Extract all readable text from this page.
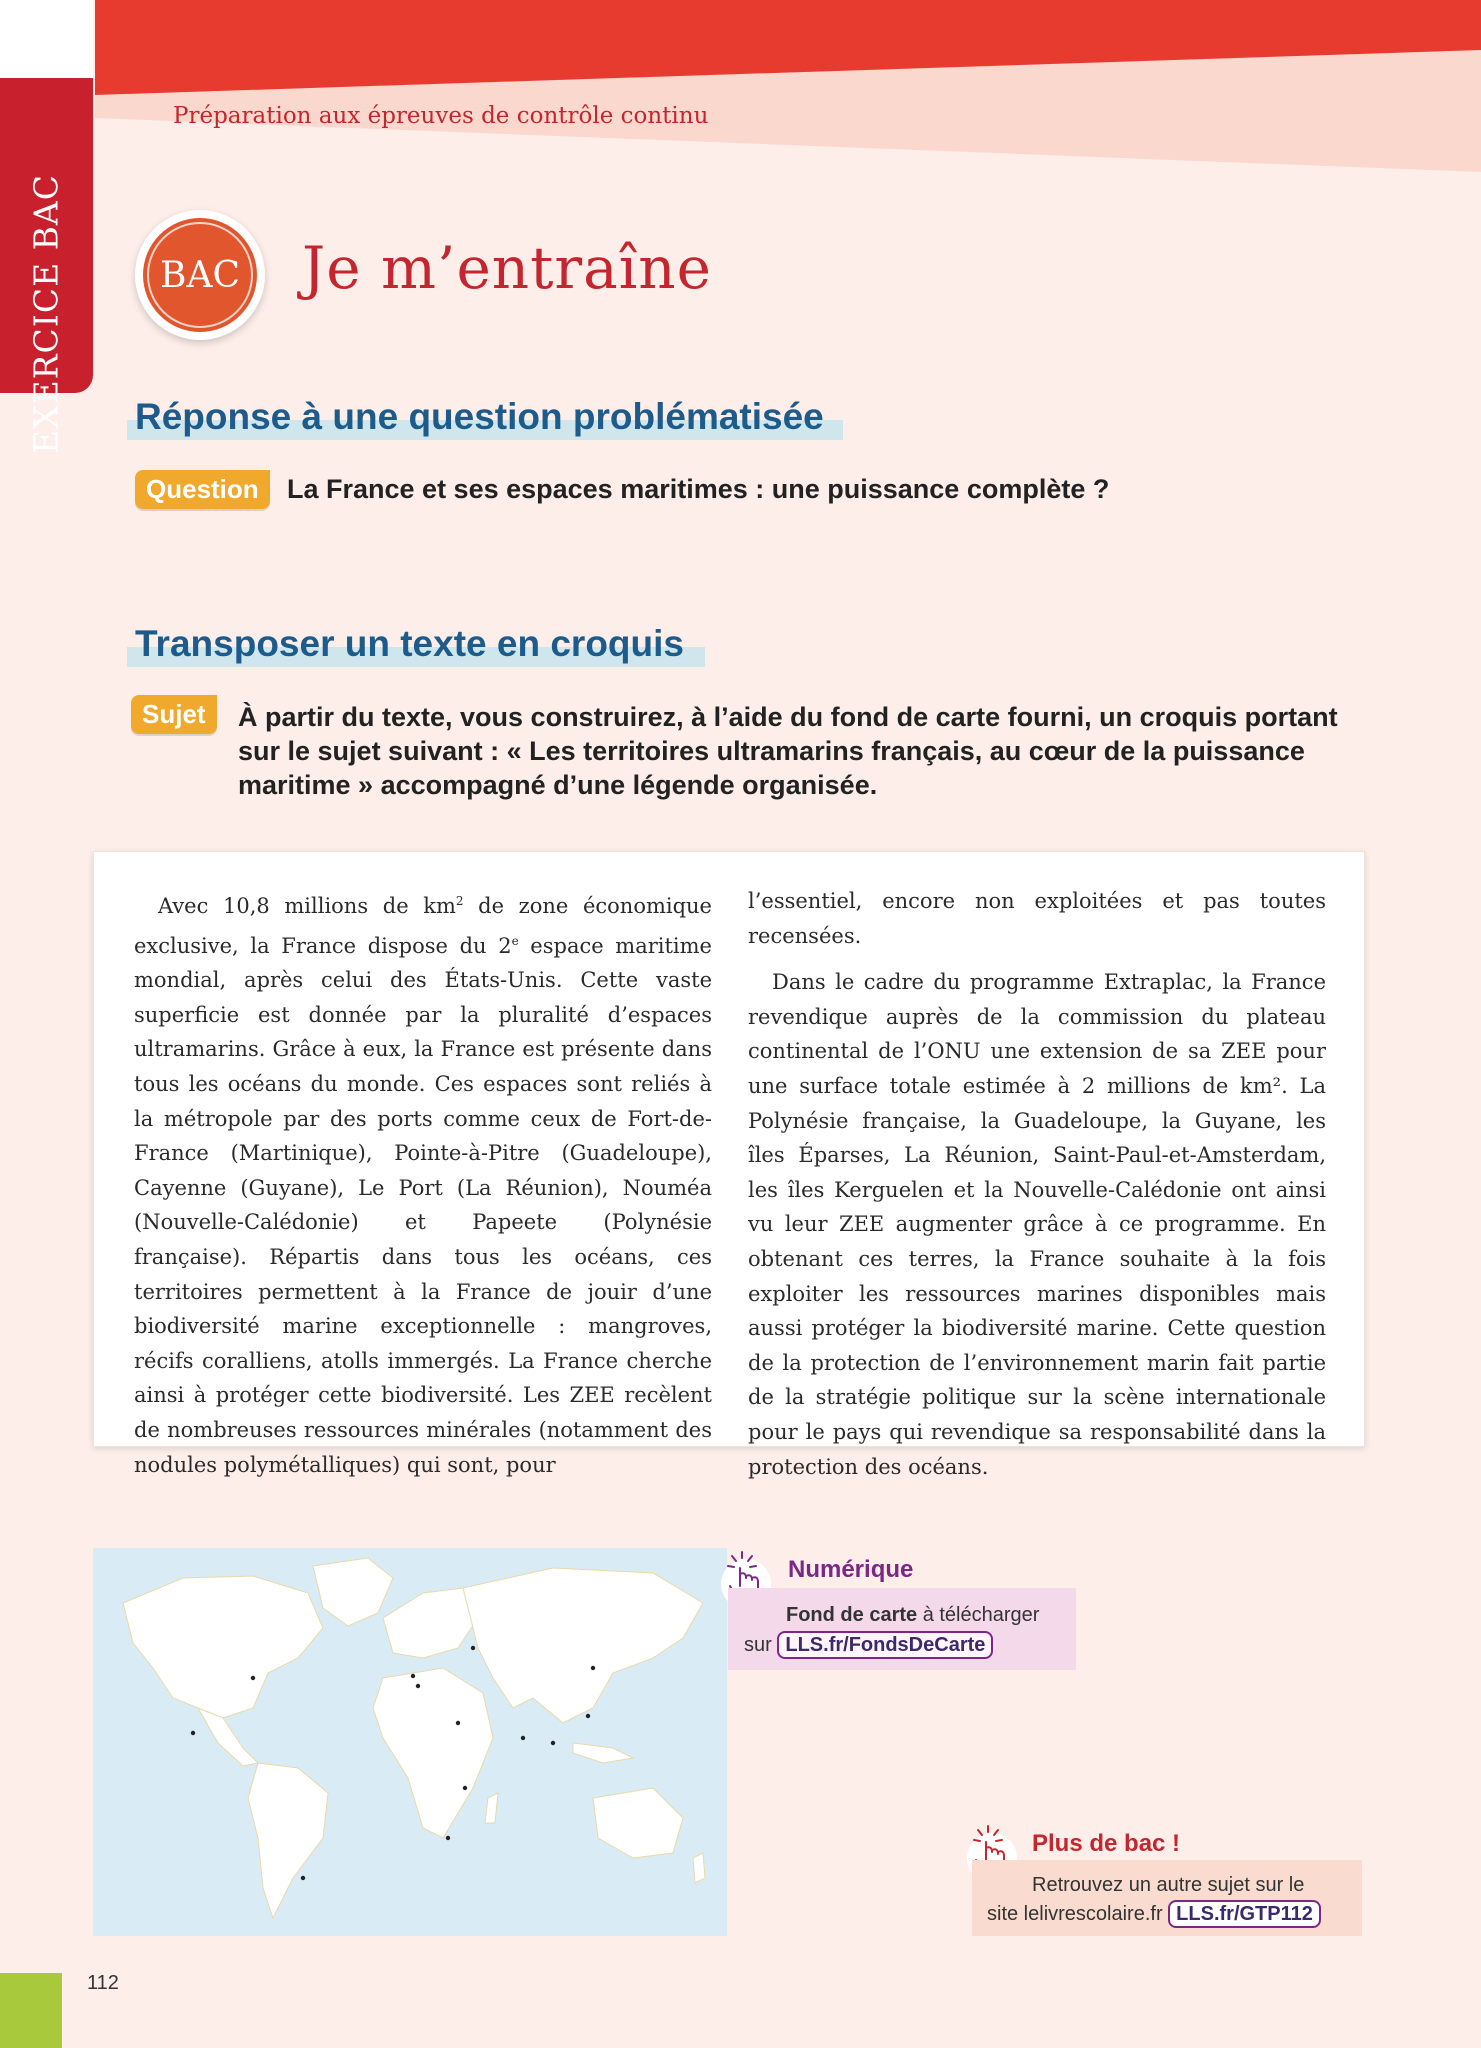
EXERCICE BAC
Préparation aux épreuves de contrôle continu
BAC Je m’entraîne
Réponse à une question problématisée
Question	La France et ses espaces maritimes : une puissance complète ?
Transposer un texte en croquis
Sujet	À partir du texte, vous construirez, à l’aide du fond de carte fourni, un croquis portant sur le sujet suivant : « Les territoires ultramarins français, au cœur de la puissance maritime » accompagné d’une légende organisée.

Avec 10,8 millions de $km^2$ de zone économique exclusive, la France dispose du 2e espace maritime mondial, après celui des États-Unis. Cette vaste superficie est donnée par la pluralité d’espaces ultramarins. Grâce à eux, la France est présente dans tous les océans du monde. Ces espaces sont reliés à la métropole par des ports comme ceux de Fort-de-France (Martinique), Pointe-à-Pitre (Guadeloupe), Cayenne (Guyane), Le Port (La Réunion), Nouméa (Nouvelle-Calédonie) et Papeete (Polynésie française). Répartis dans tous les océans, ces territoires permettent à la France de jouir d’une biodiversité marine exceptionnelle : mangroves, récifs coralliens, atolls immergés. La France cherche ainsi à protéger cette biodiversité. Les ZEE recèlent de nombreuses ressources minérales (notamment des nodules polymétalliques) qui sont, pour

l’essentiel, encore non exploitées et pas toutes recensées.

Dans le cadre du programme Extraplac, la France revendique auprès de la commission du plateau continental de l’ONU une extension de sa ZEE pour une surface totale estimée à 2 millions de km². La Polynésie française, la Guadeloupe, la Guyane, les îles Éparses, La Réunion, Saint-Paul-et-Amsterdam, les îles Kerguelen et la Nouvelle-Calédonie ont ainsi vu leur ZEE augmenter grâce à ce programme. En obtenant ces terres, la France souhaite à la fois exploiter les ressources marines disponibles mais aussi protéger la biodiversité marine. Cette question de la protection de l’environnement marin fait partie de la stratégie politique sur la scène internationale pour le pays qui revendique sa responsabilité dans la protection des océans.

Numérique
Fond de carte à télécharger
sur LLS.fr/FondsDeCarte
Plus de bac !
Retrouvez un autre sujet sur le
site lelivrescolaire.fr LLS.fr/GTP112
112
